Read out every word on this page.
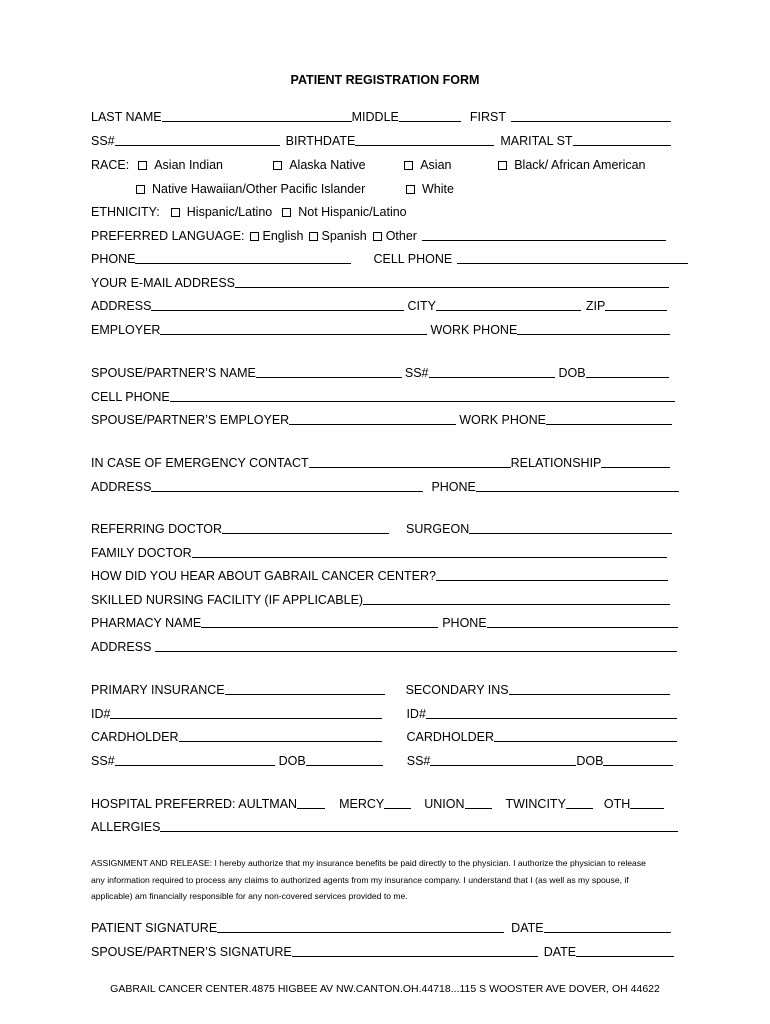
PATIENT REGISTRATION FORM
LAST NAME	MIDDLE	FIRST
SS#	BIRTHDATE	MARITAL ST
RACE: Asian Indian	Alaska Native	Asian	Black/ African American
Native Hawaiian/Other Pacific Islander	White
ETHNICITY: Hispanic/Latino Not Hispanic/Latino
PREFERRED LANGUAGE: English Spanish Other
PHONE	CELL PHONE
YOUR E-MAIL ADDRESS
ADDRESS	CITY	ZIP
EMPLOYER	WORK PHONE
SPOUSE/PARTNER’S NAME	SS#	DOB
CELL PHONE
SPOUSE/PARTNER’S EMPLOYER	WORK PHONE
IN CASE OF EMERGENCY CONTACT	RELATIONSHIP
ADDRESS	PHONE
REFERRING DOCTOR	SURGEON
FAMILY DOCTOR
HOW DID YOU HEAR ABOUT GABRAIL CANCER CENTER?
SKILLED NURSING FACILITY (IF APPLICABLE)
PHARMACY NAME	PHONE
ADDRESS
PRIMARY INSURANCE	SECONDARY INS
ID#	ID#
CARDHOLDER	CARDHOLDER
SS#	DOB	SS#	DOB
HOSPITAL PREFERRED: AULTMAN	MERCY	UNION	TWINCITY	OTH
ALLERGIES
ASSIGNMENT AND RELEASE: I hereby authorize that my insurance benefits be paid directly to the physician. I authorize the physician to release any information required to process any claims to authorized agents from my insurance company. I understand that I (as well as my spouse, if applicable) am financially responsible for any non-covered services provided to me.
PATIENT SIGNATURE	DATE
SPOUSE/PARTNER’S SIGNATURE	DATE
GABRAIL CANCER CENTER.4875 HIGBEE AV NW.CANTON.OH.44718...115 S WOOSTER AVE DOVER, OH 44622
